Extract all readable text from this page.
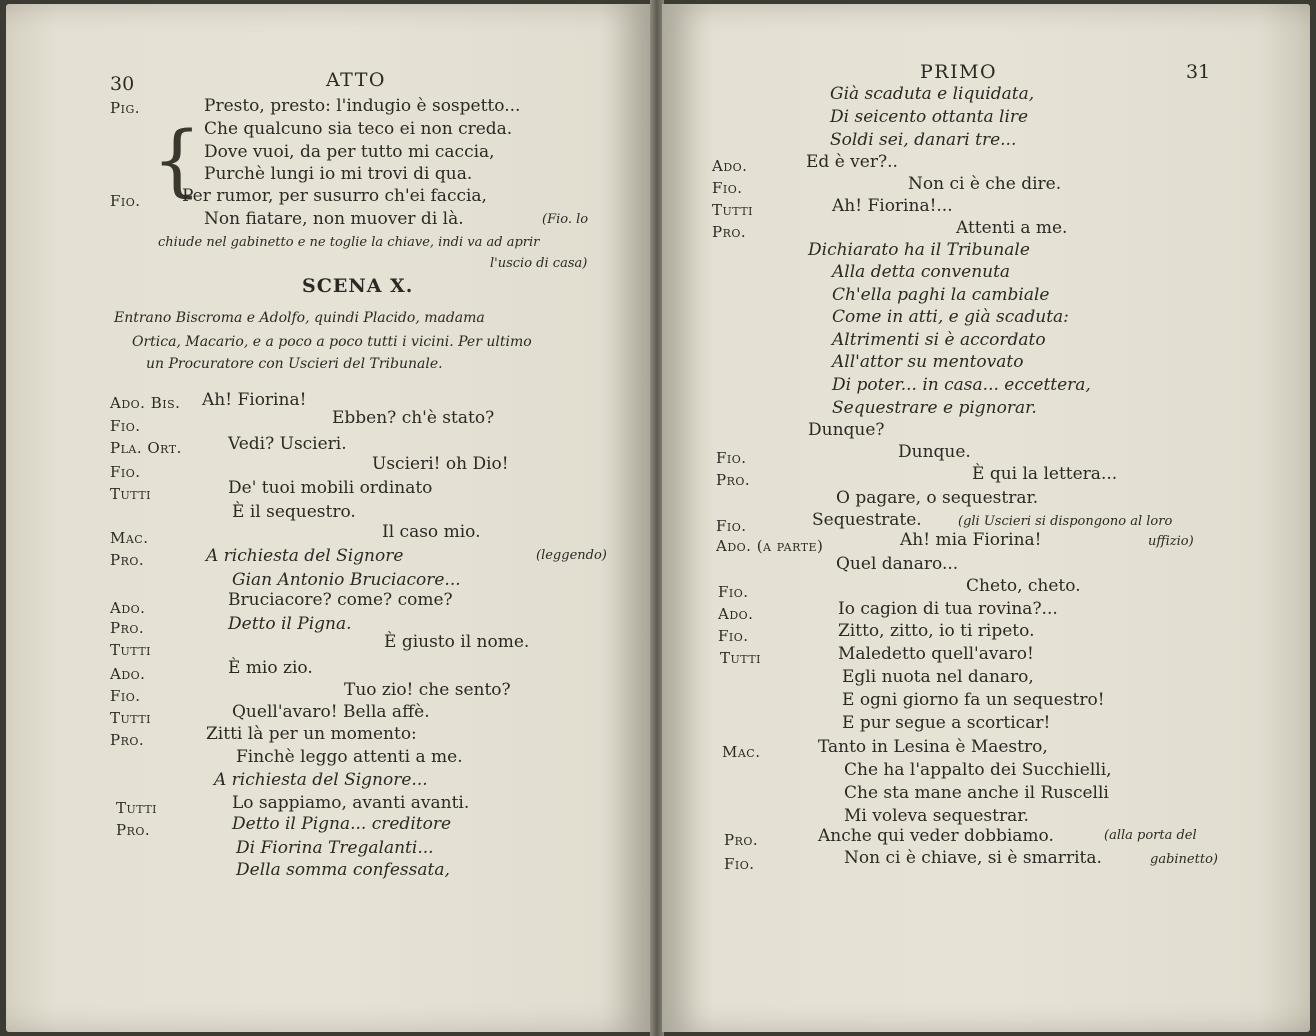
30	ATTO
Pig.	Presto, presto: l'indugio è sospetto...
Che qualcuno sia teco ei non creda.
{ Dove vuoi, da per tutto mi caccia,
Purchè lungi io mi trovi di qua.
Fio. Per rumor, per susurro ch'ei faccia,
Non fiatare, non muover di là.	(Fio. lo
chiude nel gabinetto e ne toglie la chiave, indi va ad aprir
l'uscio di casa)
SCENA X.
Entrano Biscroma e Adolfo, quindi Placido, madama
Ortica, Macario, e a poco a poco tutti i vicini. Per ultimo
un Procuratore con Uscieri del Tribunale.
Ado. Bis. Ah! Fiorina!
Fio.	Ebben? ch'è stato?
Pla. Ort.	Vedi? Uscieri.
Fio.	Uscieri! oh Dio!
Tutti	De' tuoi mobili ordinato
È il sequestro.
Mac.	Il caso mio.
Pro.	A richiesta del Signore	(leggendo)
Gian Antonio Bruciacore...
Ado.	Bruciacore? come? come?
Pro.	Detto il Pigna.
Tutti	È giusto il nome.
Ado.	È mio zio.
Fio.	Tuo zio! che sento?
Tutti	Quell'avaro! Bella affè.
Pro.	Zitti là per un momento:
Finchè leggo attenti a me.
A richiesta del Signore...
Tutti	Lo sappiamo, avanti avanti.
Pro.	Detto il Pigna... creditore
Di Fiorina Tregalanti...
Della somma confessata,
PRIMO	31
Già scaduta e liquidata,
Di seicento ottanta lire
Soldi sei, danari tre...
Ado.	Ed è ver?..
Fio.	Non ci è che dire.
Tutti	Ah! Fiorina!...
Pro.	Attenti a me.
Dichiarato ha il Tribunale
Alla detta convenuta
Ch'ella paghi la cambiale
Come in atti, e già scaduta:
Altrimenti si è accordato
All'attor su mentovato
Di poter... in casa... eccettera,
Sequestrare e pignorar.
Dunque?
Fio.	Dunque.
Pro.	È qui la lettera...
O pagare, o sequestrar.
Fio.	Sequestrate.	(gli Uscieri si dispongono al loro
Ado. (a parte)	Ah! mia Fiorina!	uffizio)
Quel danaro...
Fio.	Cheto, cheto.
Ado.	Io cagion di tua rovina?...
Fio.	Zitto, zitto, io ti ripeto.
Tutti	Maledetto quell'avaro!
Egli nuota nel danaro,
E ogni giorno fa un sequestro!
E pur segue a scorticar!
Mac.	Tanto in Lesina è Maestro,
Che ha l'appalto dei Succhielli,
Che sta mane anche il Ruscelli
Mi voleva sequestrar.
Pro.	Anche qui veder dobbiamo.	(alla porta del
Fio.	Non ci è chiave, si è smarrita.	gabinetto)
